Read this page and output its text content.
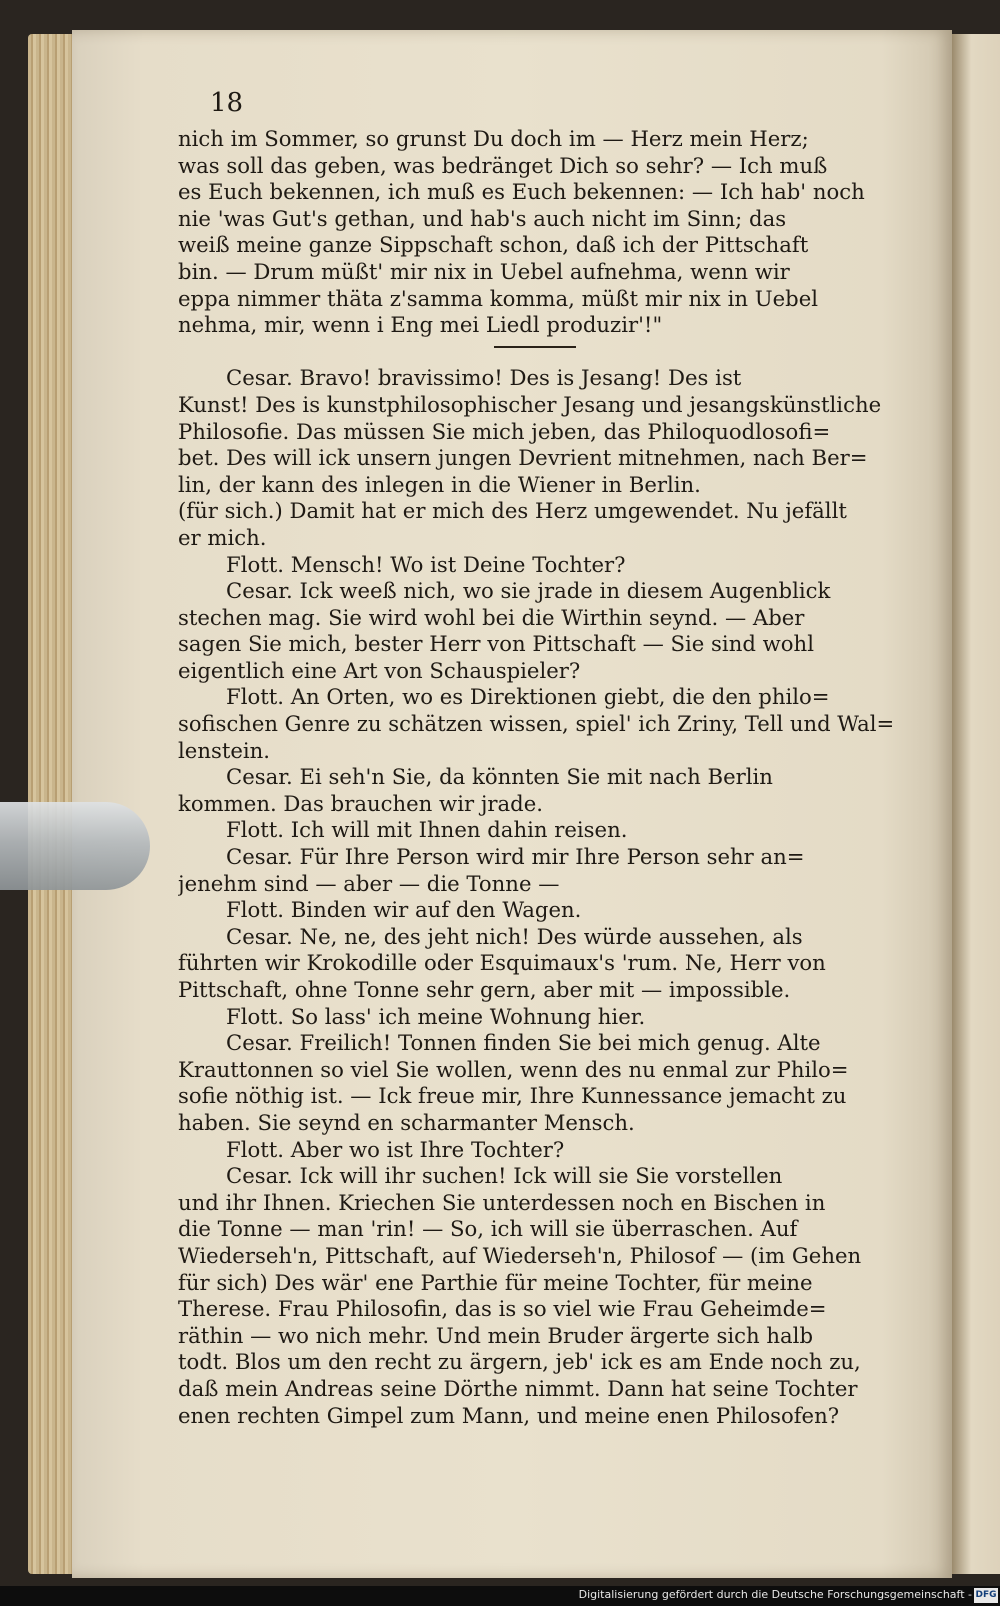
18
nich im Sommer, so grunst Du doch im — Herz mein Herz;
was soll das geben, was bedränget Dich so sehr? — Ich muß
es Euch bekennen, ich muß es Euch bekennen: — Ich hab' noch
nie 'was Gut's gethan, und hab's auch nicht im Sinn; das
weiß meine ganze Sippschaft schon, daß ich der Pittschaft
bin. — Drum müßt' mir nix in Uebel aufnehma, wenn wir
eppa nimmer thäta z'samma komma, müßt mir nix in Uebel
nehma, mir, wenn i Eng mei Liedl produzir'!"
Cesar. Bravo! bravissimo! Des is Jesang! Des ist
Kunst! Des is kunstphilosophischer Jesang und jesangskünstliche
Philosofie. Das müssen Sie mich jeben, das Philoquodlosofi=
bet. Des will ick unsern jungen Devrient mitnehmen, nach Ber=
lin, der kann des inlegen in die Wiener in Berlin.
(für sich.) Damit hat er mich des Herz umgewendet. Nu jefällt
er mich.
Flott. Mensch! Wo ist Deine Tochter?
Cesar. Ick weeß nich, wo sie jrade in diesem Augenblick
stechen mag. Sie wird wohl bei die Wirthin seynd. — Aber
sagen Sie mich, bester Herr von Pittschaft — Sie sind wohl
eigentlich eine Art von Schauspieler?
Flott. An Orten, wo es Direktionen giebt, die den philo=
sofischen Genre zu schätzen wissen, spiel' ich Zriny, Tell und Wal=
lenstein.
Cesar. Ei seh'n Sie, da könnten Sie mit nach Berlin
kommen. Das brauchen wir jrade.
Flott. Ich will mit Ihnen dahin reisen.
Cesar. Für Ihre Person wird mir Ihre Person sehr an=
jenehm sind — aber — die Tonne —
Flott. Binden wir auf den Wagen.
Cesar. Ne, ne, des jeht nich! Des würde aussehen, als
führten wir Krokodille oder Esquimaux's 'rum. Ne, Herr von
Pittschaft, ohne Tonne sehr gern, aber mit — impossible.
Flott. So lass' ich meine Wohnung hier.
Cesar. Freilich! Tonnen finden Sie bei mich genug. Alte
Krauttonnen so viel Sie wollen, wenn des nu enmal zur Philo=
sofie nöthig ist. — Ick freue mir, Ihre Kunnessance jemacht zu
haben. Sie seynd en scharmanter Mensch.
Flott. Aber wo ist Ihre Tochter?
Cesar. Ick will ihr suchen! Ick will sie Sie vorstellen
und ihr Ihnen. Kriechen Sie unterdessen noch en Bischen in
die Tonne — man 'rin! — So, ich will sie überraschen. Auf
Wiederseh'n, Pittschaft, auf Wiederseh'n, Philosof — (im Gehen
für sich) Des wär' ene Parthie für meine Tochter, für meine
Therese. Frau Philosofin, das is so viel wie Frau Geheimde=
räthin — wo nich mehr. Und mein Bruder ärgerte sich halb
todt. Blos um den recht zu ärgern, jeb' ick es am Ende noch zu,
daß mein Andreas seine Dörthe nimmt. Dann hat seine Tochter
enen rechten Gimpel zum Mann, und meine enen Philosofen?
Digitalisierung gefördert durch die Deutsche Forschungsgemeinschaft - DFG
